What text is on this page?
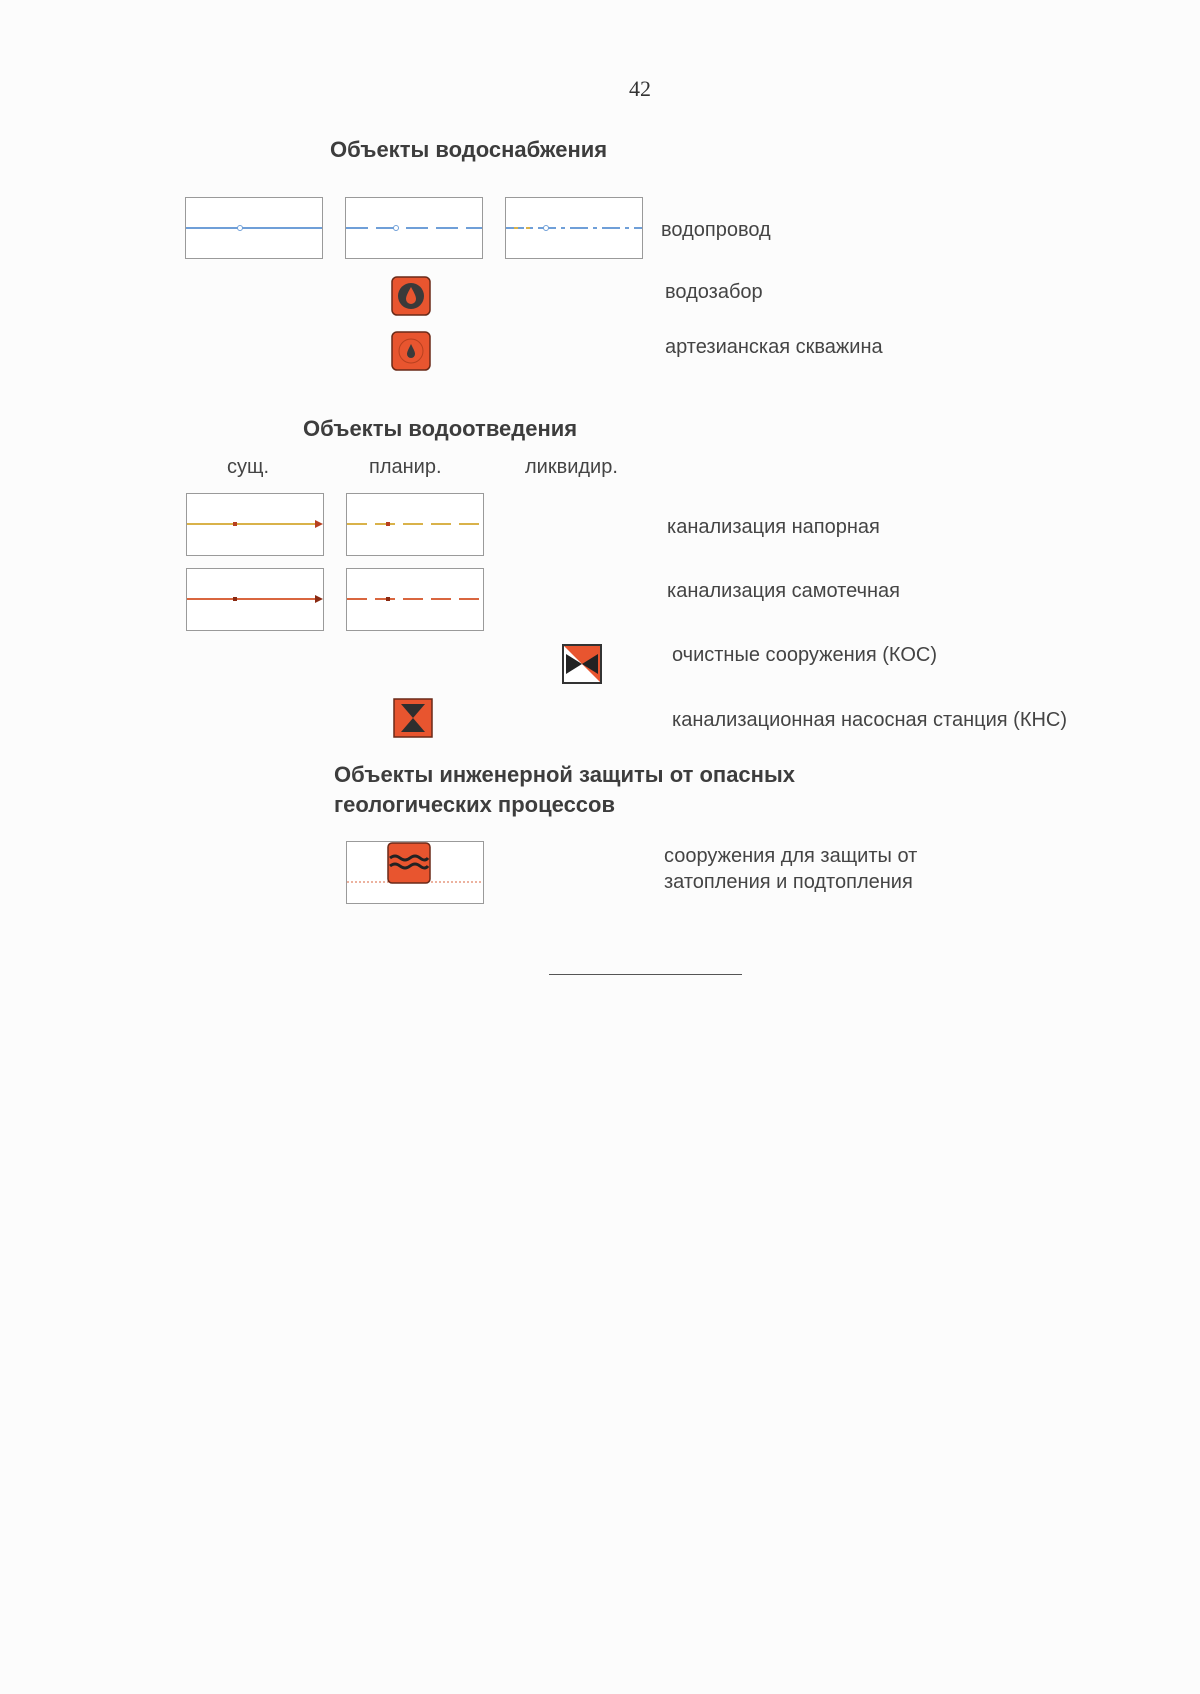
42
Объекты водоснабжения
водопровод
водозабор
артезианская скважина
Объекты водоотведения
сущ.	планир.	ликвидир.
канализация напорная
канализация самотечная
очистные сооружения (КОС)
канализационная насосная станция (КНС)
Объекты инженерной защиты от опасных
геологических процессов
сооружения для защиты от
затопления и подтопления
